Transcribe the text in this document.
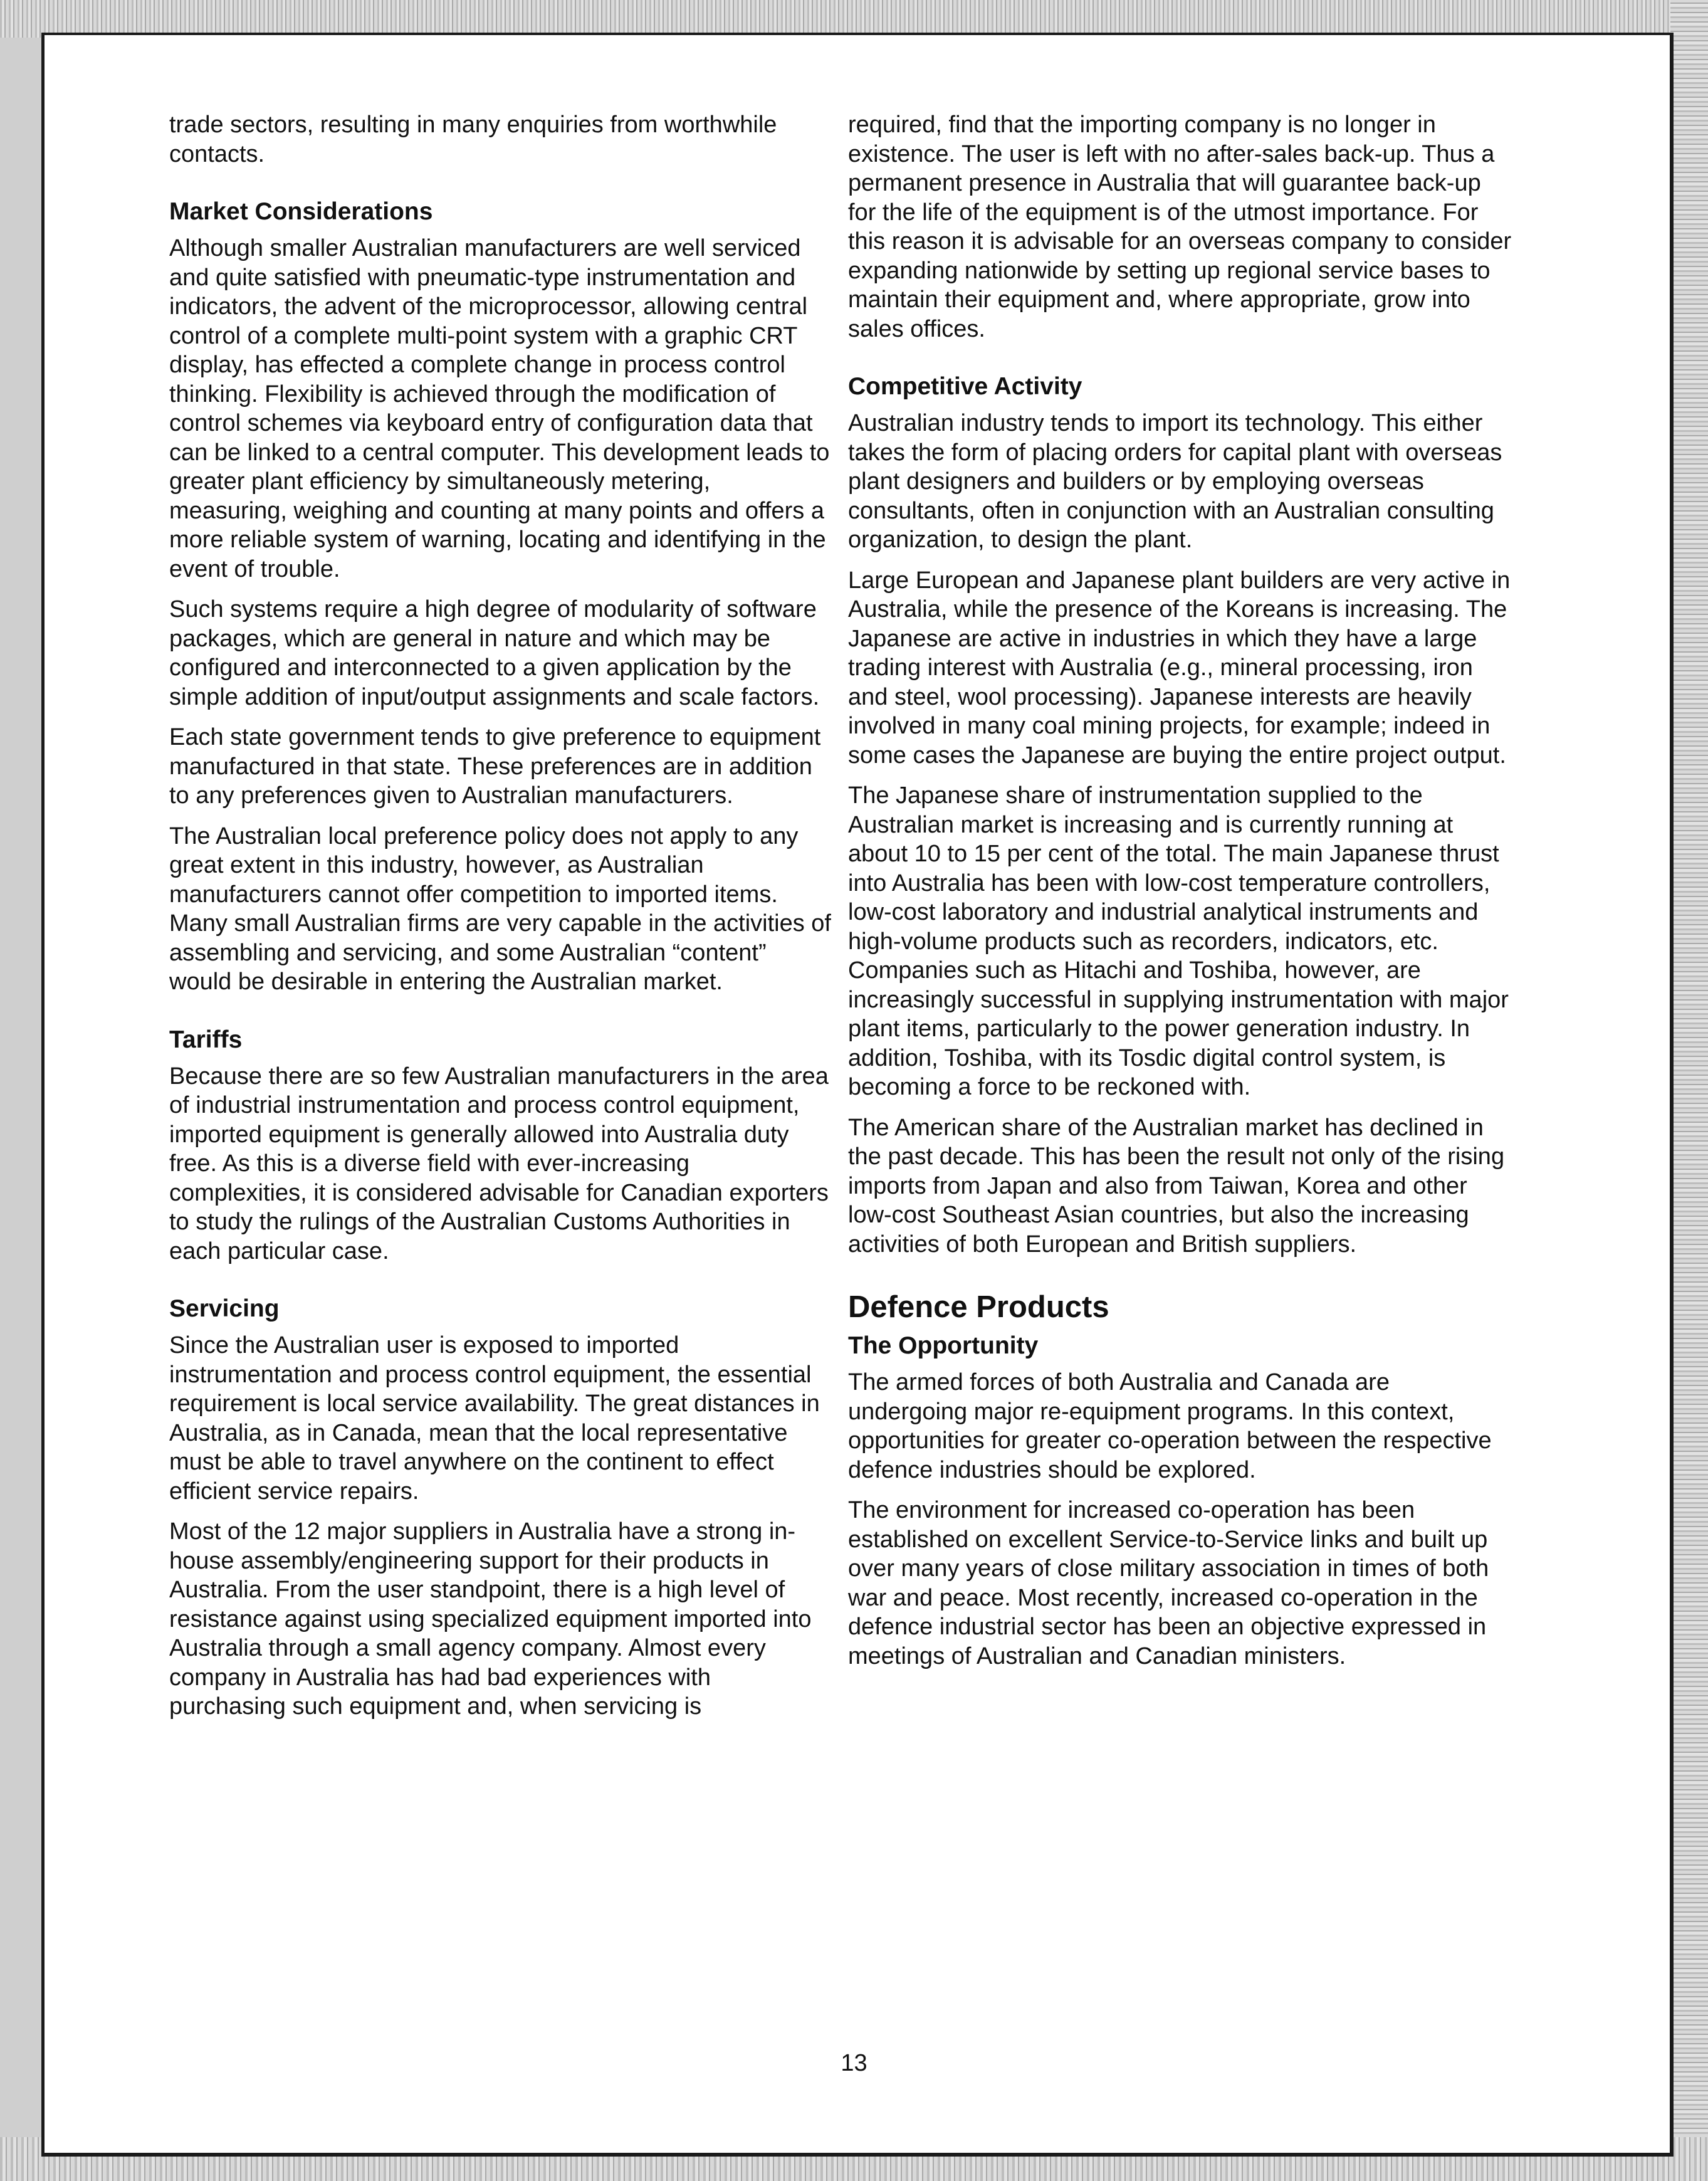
trade sectors, resulting in many enquiries from worthwhile contacts.

Market Considerations

Although smaller Australian manufacturers are well serviced and quite satisfied with pneumatic-type instrumentation and indicators, the advent of the microprocessor, allowing central control of a complete multi-point system with a graphic CRT display, has effected a complete change in process control thinking. Flexibility is achieved through the modification of control schemes via keyboard entry of configuration data that can be linked to a central computer. This development leads to greater plant efficiency by simultaneously metering, measuring, weighing and counting at many points and offers a more reliable system of warning, locating and identifying in the event of trouble.

Such systems require a high degree of modularity of software packages, which are general in nature and which may be configured and interconnected to a given application by the simple addition of input/output assignments and scale factors.

Each state government tends to give preference to equipment manufactured in that state. These preferences are in addition to any preferences given to Australian manufacturers.

The Australian local preference policy does not apply to any great extent in this industry, however, as Australian manufacturers cannot offer competition to imported items. Many small Australian firms are very capable in the activities of assembling and servicing, and some Australian “content” would be desirable in entering the Australian market.

Tariffs

Because there are so few Australian manufacturers in the area of industrial instrumentation and process control equipment, imported equipment is generally allowed into Australia duty free. As this is a diverse field with ever-increasing complexities, it is considered advisable for Canadian exporters to study the rulings of the Australian Customs Authorities in each particular case.

Servicing

Since the Australian user is exposed to imported instrumentation and process control equipment, the essential requirement is local service availability. The great distances in Australia, as in Canada, mean that the local representative must be able to travel anywhere on the continent to effect efficient service repairs.

Most of the 12 major suppliers in Australia have a strong in-house assembly/engineering support for their products in Australia. From the user standpoint, there is a high level of resistance against using specialized equipment imported into Australia through a small agency company. Almost every company in Australia has had bad experiences with purchasing such equipment and, when servicing is

required, find that the importing company is no longer in existence. The user is left with no after-sales back-up. Thus a permanent presence in Australia that will guarantee back-up for the life of the equipment is of the utmost importance. For this reason it is advisable for an overseas company to consider expanding nationwide by setting up regional service bases to maintain their equipment and, where appropriate, grow into sales offices.

Competitive Activity

Australian industry tends to import its technology. This either takes the form of placing orders for capital plant with overseas plant designers and builders or by employing overseas consultants, often in conjunction with an Australian consulting organization, to design the plant.

Large European and Japanese plant builders are very active in Australia, while the presence of the Koreans is increasing. The Japanese are active in industries in which they have a large trading interest with Australia (e.g., mineral processing, iron and steel, wool processing). Japanese interests are heavily involved in many coal mining projects, for example; indeed in some cases the Japanese are buying the entire project output.

The Japanese share of instrumentation supplied to the Australian market is increasing and is currently running at about 10 to 15 per cent of the total. The main Japanese thrust into Australia has been with low-cost temperature controllers, low-cost laboratory and industrial analytical instruments and high-volume products such as recorders, indicators, etc. Companies such as Hitachi and Toshiba, however, are increasingly successful in supplying instrumentation with major plant items, particularly to the power generation industry. In addition, Toshiba, with its Tosdic digital control system, is becoming a force to be reckoned with.

The American share of the Australian market has declined in the past decade. This has been the result not only of the rising imports from Japan and also from Taiwan, Korea and other low-cost Southeast Asian countries, but also the increasing activities of both European and British suppliers.

Defence Products
The Opportunity

The armed forces of both Australia and Canada are undergoing major re-equipment programs. In this context, opportunities for greater co-operation between the respective defence industries should be explored.

The environment for increased co-operation has been established on excellent Service-to-Service links and built up over many years of close military association in times of both war and peace. Most recently, increased co-operation in the defence industrial sector has been an objective expressed in meetings of Australian and Canadian ministers.

13
